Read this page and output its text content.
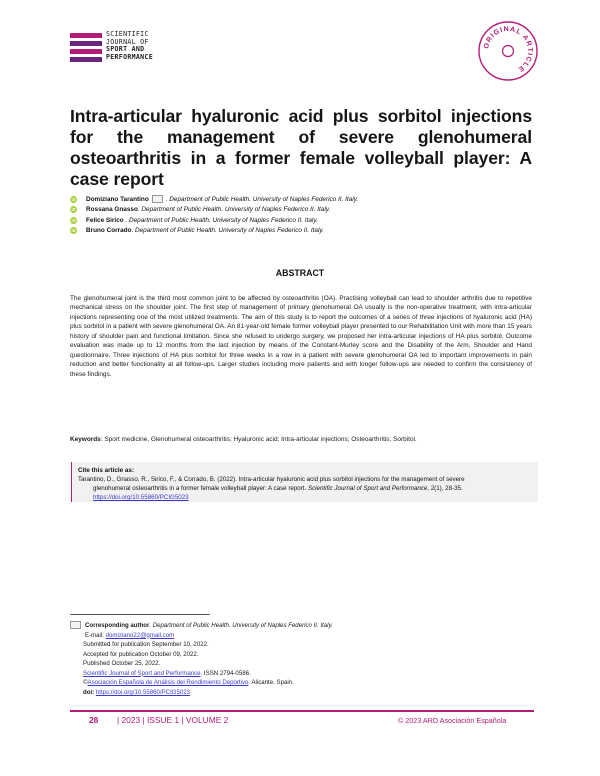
SCIENTIFIC
JOURNAL OF
SPORT AND
PERFORMANCE
ORIGINAL ARTICLE
Intra-articular hyaluronic acid plus sorbitol injections for the management of severe glenohumeral osteoarthritis in a former female volleyball player: A case report
iD Domiziano Tarantino	. Department of Public Health. University of Naples Federico II. Italy.
iD Rossana Gnasso. Department of Public Health. University of Naples Federico II. Italy.
iD Felice Sirico . Department of Public Health. University of Naples Federico II. Italy.
iD Bruno Corrado. Department of Public Health. University of Naples Federico II. Italy.
ABSTRACT
The glenohumeral joint is the third most common joint to be affected by osteoarthritis (OA). Practising volleyball can lead to shoulder arthritis due to repetitive mechanical stress on the shoulder joint. The first step of management of primary glenohumeral OA usually is the non-operative treatment, with intra-articular injections representing one of the most utilized treatments. The aim of this study is to report the outcomes of a series of three injections of hyaluronic acid (HA) plus sorbitol in a patient with severe glenohumeral OA. An 81-year-old female former volleyball player presented to our Rehabilitation Unit with more than 15 years history of shoulder pain and functional limitation. Since she refused to undergo surgery, we proposed her intra-articular injections of HA plus sorbitol. Outcome evaluation was made up to 12 months from the last injection by means of the Constant-Murley score and the Disability of the Arm, Shoulder and Hand questionnaire. Three injections of HA plus sorbitol for three weeks in a row in a patient with severe glenohumeral OA led to important improvements in pain reduction and better functionality at all follow-ups. Larger studies including more patients and with longer follow-ups are needed to confirm the consistency of these findings.
Keywords: Sport medicine, Glenohumeral osteoarthritis; Hyaluronic acid; Intra-articular injections; Osteoarthritis; Sorbitol.
Cite this article as:
Tarantino, D., Gnasso, R., Sirico, F., & Corrado, B. (2022). Intra-articular hyaluronic acid plus sorbitol injections for the management of severe
glenohumeral osteoarthritis in a former female volleyball player: A case report. Scientific Journal of Sport and Performance, 2(1), 28-35.
https://doi.org/10.55860/PCIG5023
Corresponding author. Department of Public Health. University of Naples Federico II. Italy.
E-mail: domiziano22@gmail.com
Submitted for publication September 10, 2022.
Accepted for publication October 09, 2022.
Published October 25, 2022.
Scientific Journal of Sport and Performance. ISSN 2794-0586.
©Asociación Española de Análisis del Rendimiento Deportivo. Alicante. Spain.
doi: https://doi.org/10.55860/PCIG5023
28 | 2023 | ISSUE 1 | VOLUME 2	© 2023 ARD Asociación Española
